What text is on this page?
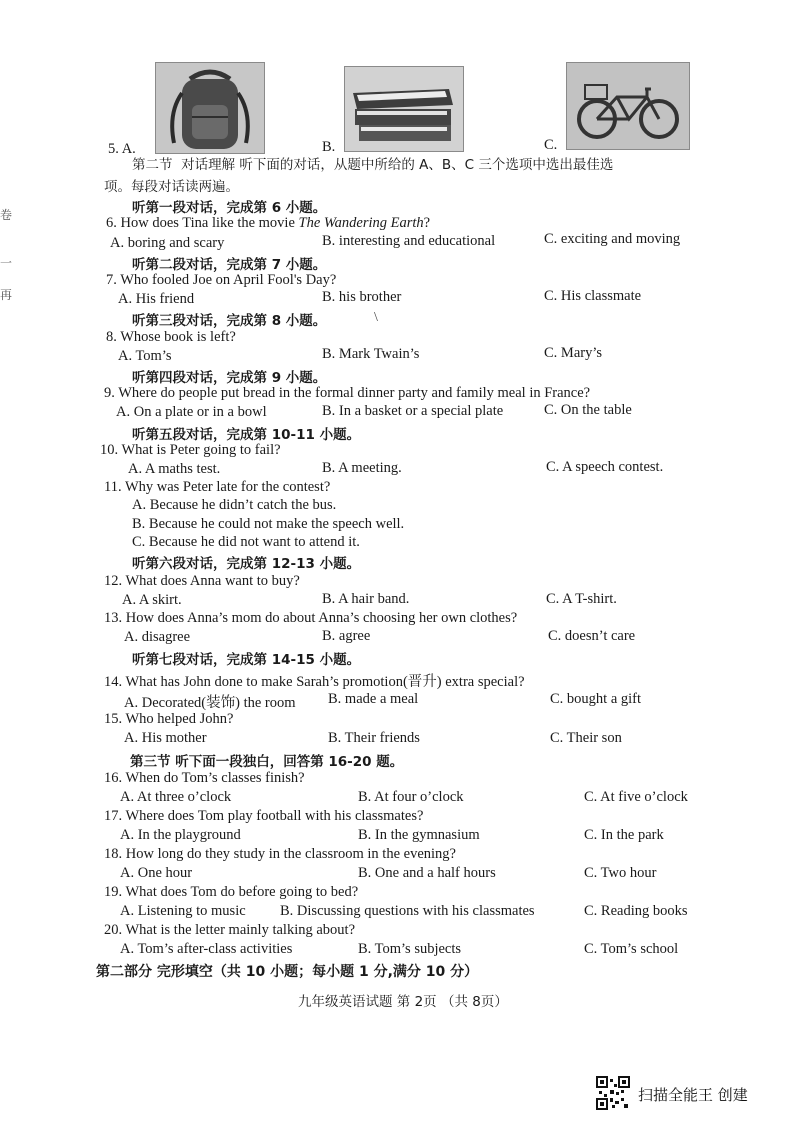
卷
一
再
5. A.	B.	C.
第二节 对话理解 听下面的对话，从题中所给的 A、B、C 三个选项中选出最佳选
项。每段对话读两遍。
听第一段对话，完成第 6 小题。
6. How does Tina like the movie The Wandering Earth?
A. boring and scary	B. interesting and educational	C. exciting and moving
听第二段对话，完成第 7 小题。
7. Who fooled Joe on April Fool's Day?
A. His friend	B. his brother	C. His classmate
听第三段对话，完成第 8 小题。	\
8. Whose book is left?
A. Tom’s	B. Mark Twain’s	C. Mary’s
听第四段对话，完成第 9 小题。
9. Where do people put bread in the formal dinner party and family meal in France?
A. On a plate or in a bowl	B. In a basket or a special plate	C. On the table
听第五段对话，完成第 10-11 小题。
10. What is Peter going to fail?
A. A maths test.	B. A meeting.	C. A speech contest.
11. Why was Peter late for the contest?
A. Because he didn’t catch the bus.
B. Because he could not make the speech well.
C. Because he did not want to attend it.
听第六段对话，完成第 12-13 小题。
12. What does Anna want to buy?
A. A skirt.	B. A hair band.	C. A T-shirt.
13. How does Anna’s mom do about Anna’s choosing her own clothes?
A. disagree	B. agree	C. doesn’t care
听第七段对话，完成第 14-15 小题。
14. What has John done to make Sarah’s promotion(晋升) extra special?
A. Decorated(装饰) the room B. made a meal	C. bought a gift
15. Who helped John?
A. His mother	B. Their friends	C. Their son
第三节 听下面一段独白，回答第 16-20 题。
16. When do Tom’s classes finish?
A. At three o’clock	B. At four o’clock	C. At five o’clock
17. Where does Tom play football with his classmates?
A. In the playground	B. In the gymnasium	C. In the park
18. How long do they study in the classroom in the evening?
A. One hour	B. One and a half hours	C. Two hour
19. What does Tom do before going to bed?
A. Listening to music B. Discussing questions with his classmates	C. Reading books
20. What is the letter mainly talking about?
A. Tom’s after-class activities	B. Tom’s subjects	C. Tom’s school
第二部分 完形填空（共 10 小题；每小题 1 分,满分 10 分）
九年级英语试题 第 2页 （共 8页）
扫描全能王 创建
